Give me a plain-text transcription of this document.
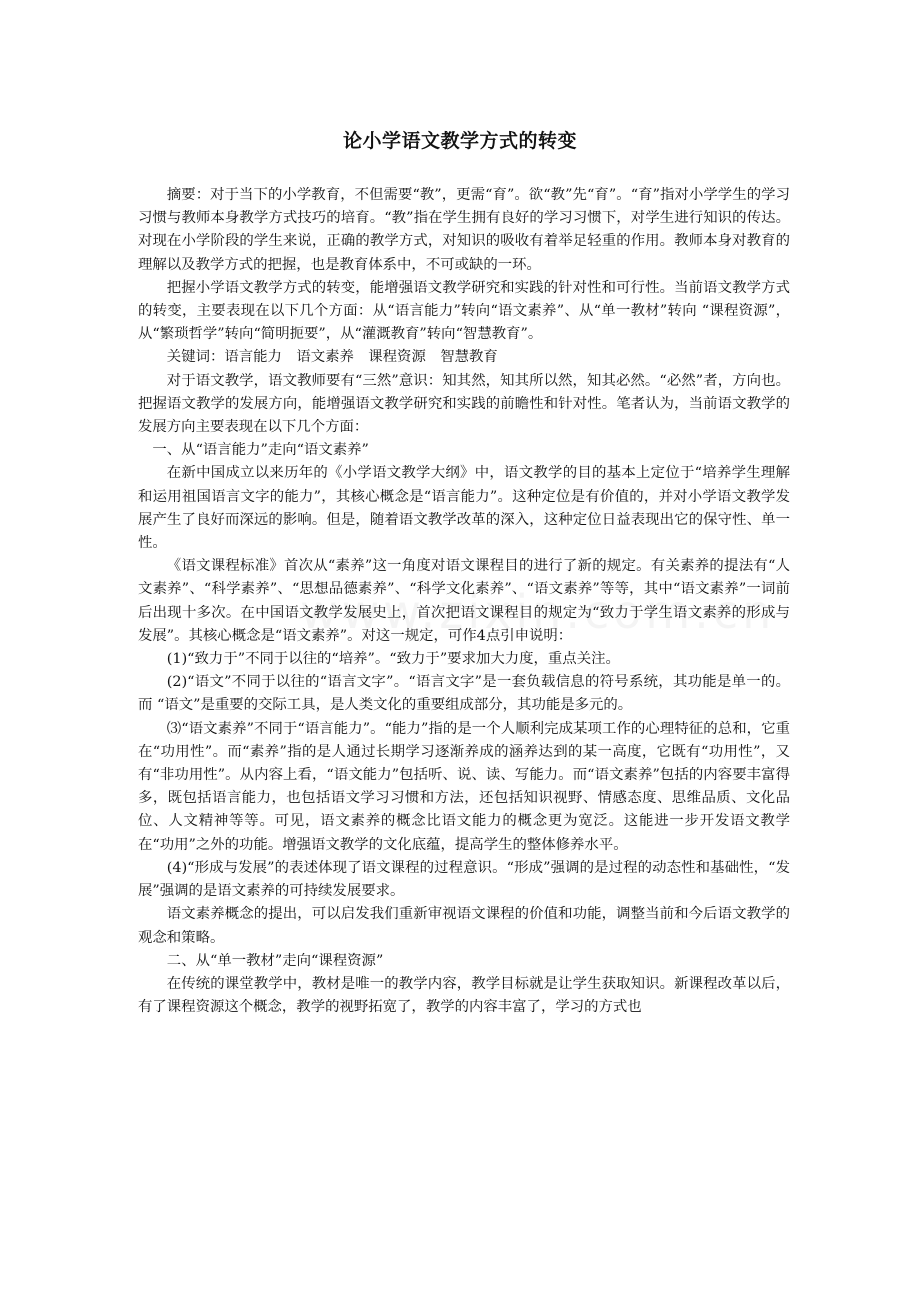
论小学语文教学方式的转变

摘要：对于当下的小学教育，不但需要“教”，更需“育”。欲“教”先“育”。“育”指对小学学生的学习习惯与教师本身教学方式技巧的培育。“教”指在学生拥有良好的学习习惯下，对学生进行知识的传达。 对现在小学阶段的学生来说，正确的教学方式，对知识的吸收有着举足轻重的作用。教师本身对教育的理解以及教学方式的把握，也是教育体系中，不可或缺的一环。

把握小学语文教学方式的转变，能增强语文教学研究和实践的针对性和可行性。当前语文教学方式的转变，主要表现在以下几个方面：从“语言能力”转向“语文素养”、从“单一教材”转向 “课程资源”，从“繁琐哲学”转向“简明扼要”，从“灌溉教育”转向“智慧教育”。

关键词：语言能力　语文素养　课程资源　智慧教育

对于语文教学，语文教师要有“三然”意识：知其然，知其所以然，知其必然。“必然”者，方向也。把握语文教学的发展方向，能增强语文教学研究和实践的前瞻性和针对性。笔者认为，当前语文教学的发展方向主要表现在以下几个方面：

一、从“语言能力”走向“语文素养”

在新中国成立以来历年的《小学语文教学大纲》中，语文教学的目的基本上定位于“培养学生理解和运用祖国语言文字的能力”，其核心概念是“语言能力”。这种定位是有价值的，并对小学语文教学发展产生了良好而深远的影响。但是，随着语文教学改革的深入，这种定位日益表现出它的保守性、单一性。

《语文课程标准》首次从“素养”这一角度对语文课程目的进行了新的规定。有关素养的提法有“人文素养”、“科学素养”、“思想品德素养”、“科学文化素养”、“语文素养”等等，其中“语文素养”一词前后出现十多次。在中国语文教学发展史上，首次把语文课程目的规定为“致力于学生语文素养的形成与发展”。其核心概念是“语文素养”。对这一规定，可作4点引申说明：

(1)“致力于”不同于以往的“培养”。“致力于”要求加大力度，重点关注。

(2)“语文”不同于以往的“语言文字”。“语言文字”是一套负载信息的符号系统，其功能是单一的。而 “语文”是重要的交际工具，是人类文化的重要组成部分，其功能是多元的。

⑶“语文素养”不同于“语言能力”。“能力”指的是一个人顺利完成某项工作的心理特征的总和，它重在“功用性”。而“素养”指的是人通过长期学习逐渐养成的涵养达到的某一高度，它既有“功用性”，又有“非功用性”。从内容上看，“语文能力”包括听、说、读、写能力。而“语文素养”包括的内容要丰富得多，既包括语言能力，也包括语文学习习惯和方法，还包括知识视野、情感态度、思维品质、文化品位、人文精神等等。可见，语文素养的概念比语文能力的概念更为宽泛。这能进一步开发语文教学在“功用”之外的功能。增强语文教学的文化底蕴，提高学生的整体修养水平。

(4)“形成与发展”的表述体现了语文课程的过程意识。“形成”强调的是过程的动态性和基础性，“发展”强调的是语文素养的可持续发展要求。

语文素养概念的提出，可以启发我们重新审视语文课程的价值和功能，调整当前和今后语文教学的观念和策略。

二、从“单一教材”走向“课程资源”

在传统的课堂教学中，教材是唯一的教学内容，教学目标就是让学生获取知识。新课程改革以后，有了课程资源这个概念，教学的视野拓宽了，教学的内容丰富了，学习的方式也
